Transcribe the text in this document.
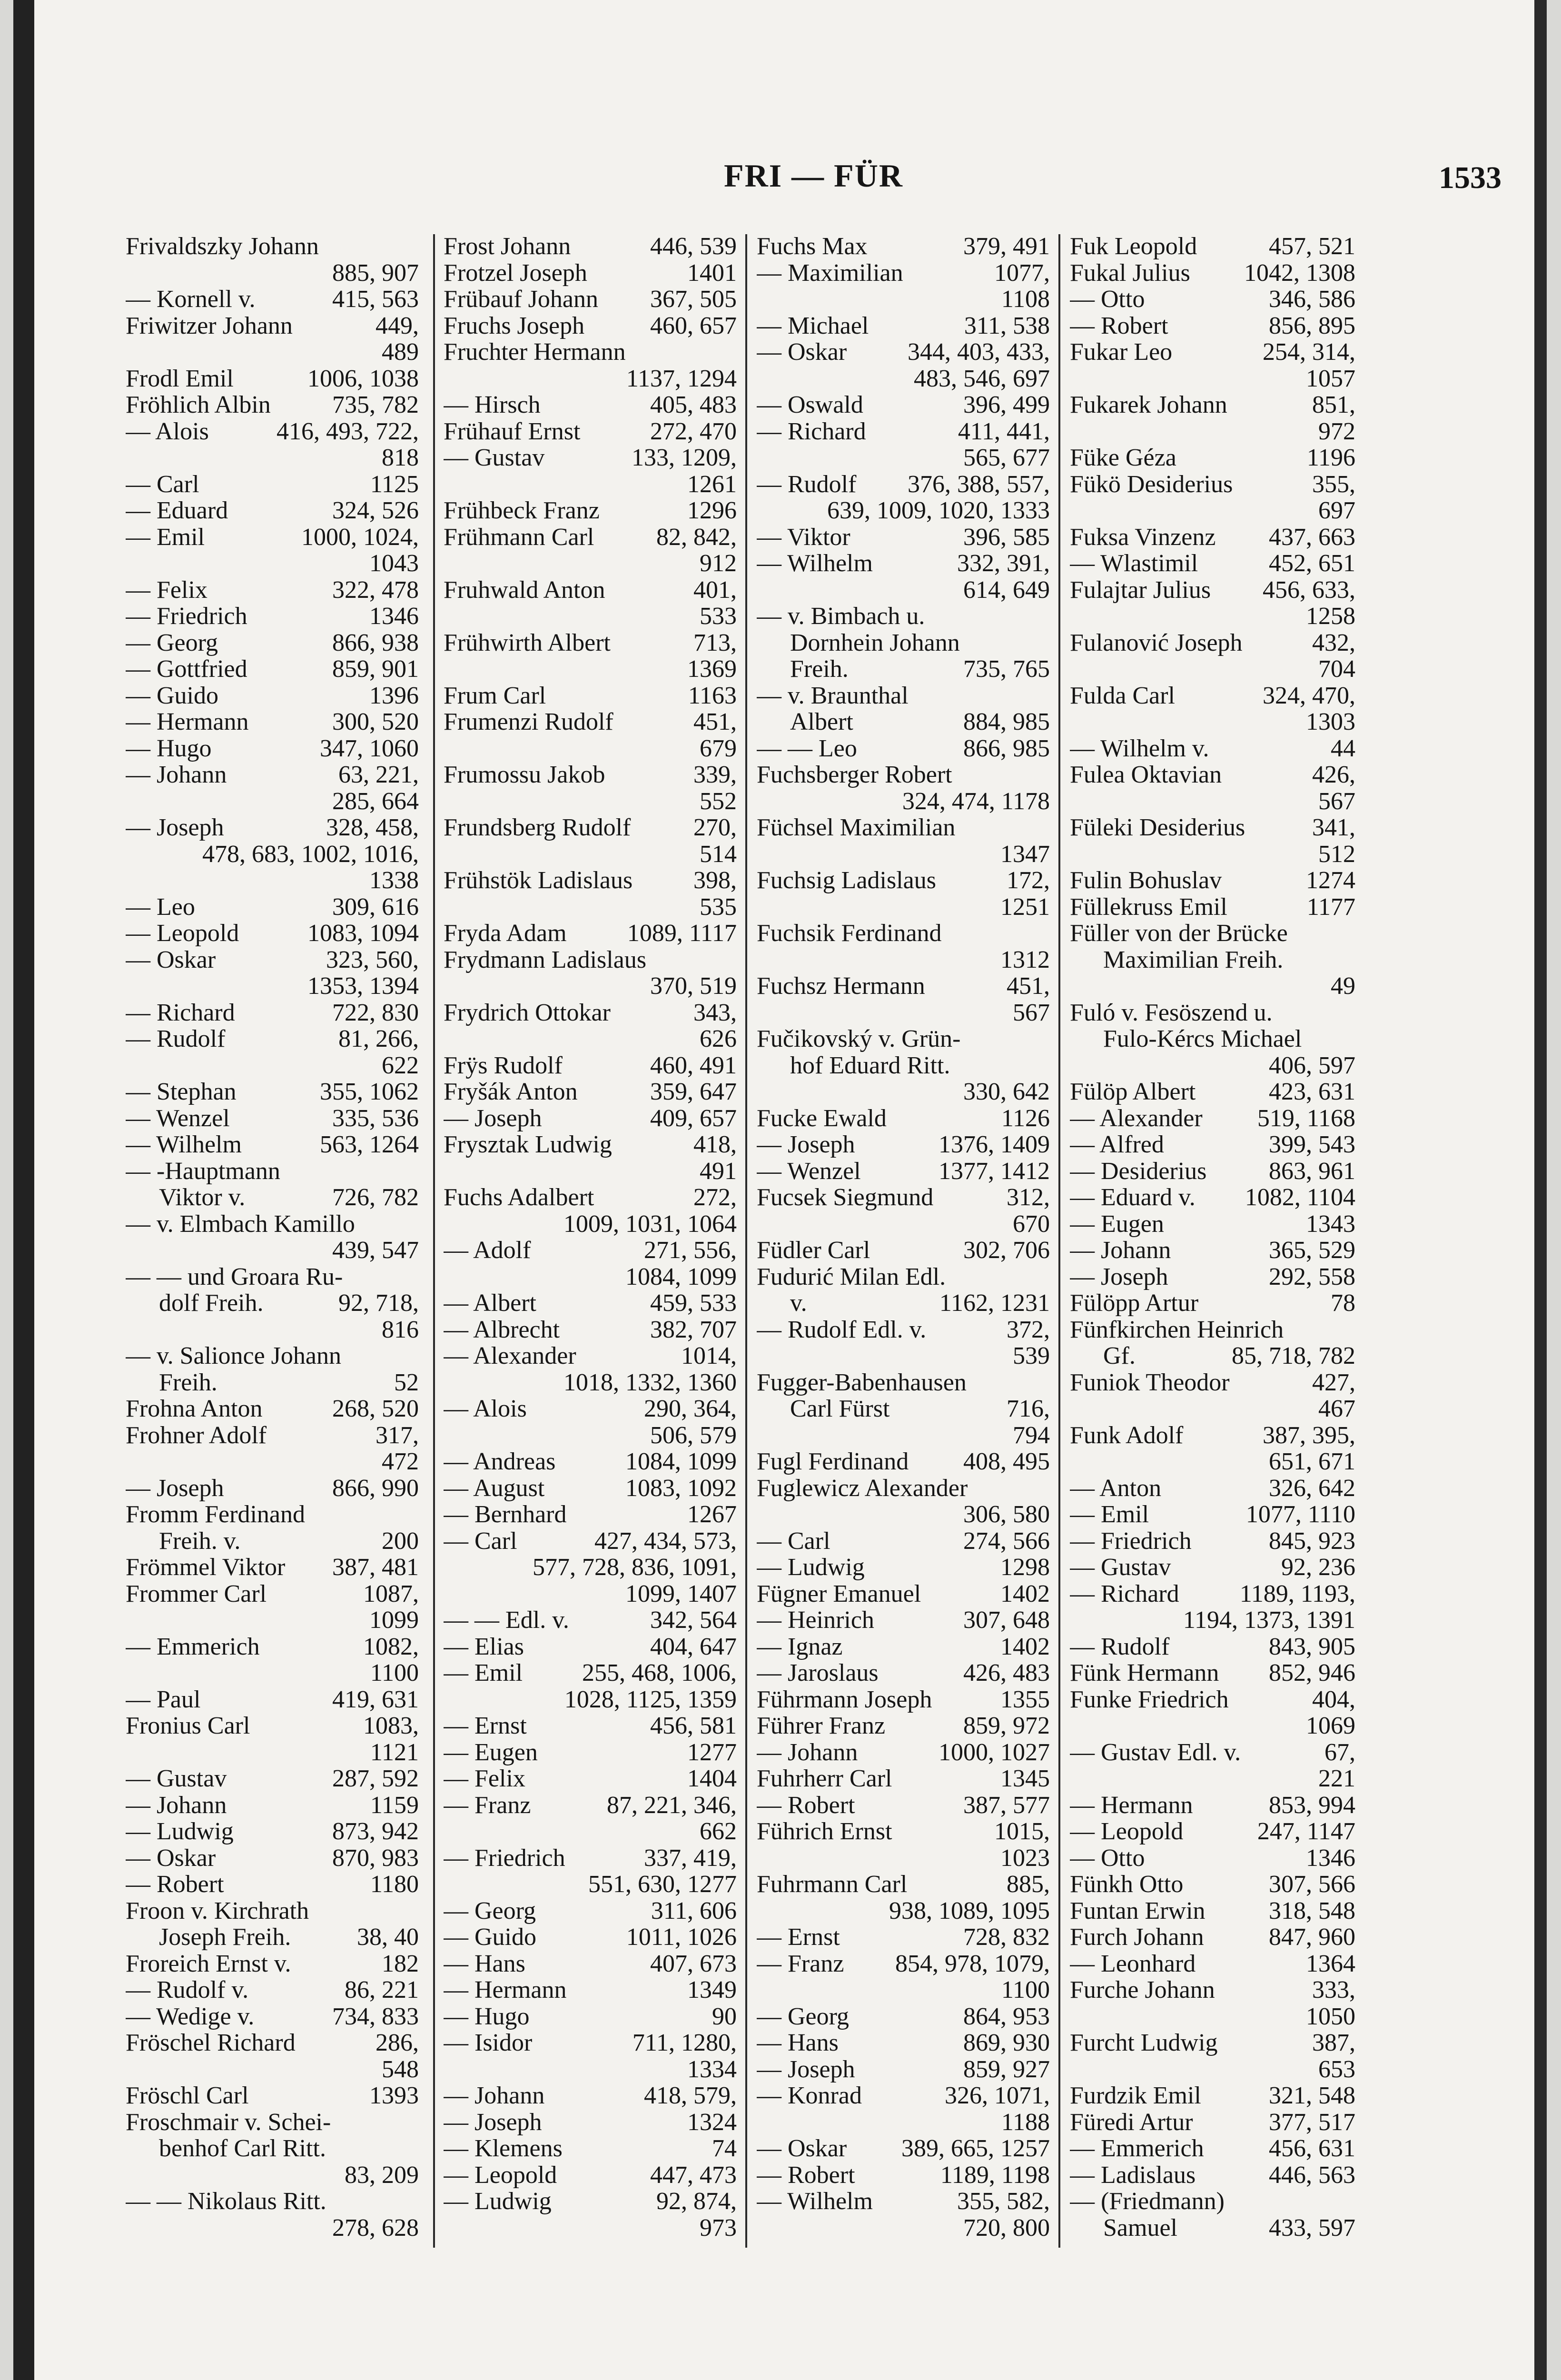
FRI — FÜR	1533
Frivaldszky Johann
885, 907
— Kornell v.	415, 563
Friwitzer Johann	449,
489
Frodl Emil	1006, 1038
Fröhlich Albin 735, 782
— Alois	416, 493, 722,
818
— Carl	1125
— Eduard	324, 526
— Emil	1000, 1024,
1043
— Felix	322, 478
— Friedrich	1346
— Georg	866, 938
— Gottfried	859, 901
— Guido	1396
— Hermann	300, 520
— Hugo	347, 1060
— Johann	63, 221,
285, 664
— Joseph	328, 458,
478, 683, 1002, 1016,
1338
— Leo	309, 616
— Leopold	1083, 1094
— Oskar	323, 560,
1353, 1394
— Richard	722, 830
— Rudolf	81, 266,
622
— Stephan	355, 1062
— Wenzel	335, 536
— Wilhelm	563, 1264
— -Hauptmann
Viktor v.	726, 782
— v. Elmbach Kamillo
439, 547
— — und Groara Ru-
dolf Freih.	92, 718,
816
— v. Salionce Johann
Freih.	52
Frohna Anton	268, 520
Frohner Adolf	317,
472
— Joseph	866, 990
Fromm Ferdinand
Freih. v.	200
Frömmel Viktor 387, 481
Frommer Carl	1087,
1099
— Emmerich	1082,
1100
— Paul	419, 631
Fronius Carl	1083,
1121
— Gustav	287, 592
— Johann	1159
— Ludwig	873, 942
— Oskar	870, 983
— Robert	1180
Froon v. Kirchrath
Joseph Freih.	38, 40
Froreich Ernst v.	182
— Rudolf v.	86, 221
— Wedige v.	734, 833
Fröschel Richard	286,
548
Fröschl Carl	1393
Froschmair v. Schei-
benhof Carl Ritt.
83, 209
— — Nikolaus Ritt.
278, 628
Frost Johann	446, 539
Frotzel Joseph	1401
Frübauf Johann 367, 505
Fruchs Joseph	460, 657
Fruchter Hermann
1137, 1294
— Hirsch	405, 483
Frühauf Ernst	272, 470
— Gustav	133, 1209,
1261
Frühbeck Franz	1296
Frühmann Carl	82, 842,
912
Fruhwald Anton	401,
533
Frühwirth Albert	713,
1369
Frum Carl	1163
Frumenzi Rudolf	451,
679
Frumossu Jakob	339,
552
Frundsberg Rudolf	270,
514
Frühstök Ladislaus 398,
535
Fryda Adam 1089, 1117
Frydmann Ladislaus
370, 519
Frydrich Ottokar	343,
626
Frÿs Rudolf	460, 491
Fryšák Anton	359, 647
— Joseph	409, 657
Frysztak Ludwig	418,
491
Fuchs Adalbert	272,
1009, 1031, 1064
— Adolf	271, 556,
1084, 1099
— Albert	459, 533
— Albrecht	382, 707
— Alexander	1014,
1018, 1332, 1360
— Alois	290, 364,
506, 579
— Andreas	1084, 1099
— August	1083, 1092
— Bernhard	1267
— Carl	427, 434, 573,
577, 728, 836, 1091,
1099, 1407
— — Edl. v.	342, 564
— Elias	404, 647
— Emil 255, 468, 1006,
1028, 1125, 1359
— Ernst	456, 581
— Eugen	1277
— Felix	1404
— Franz	87, 221, 346,
662
— Friedrich	337, 419,
551, 630, 1277
— Georg	311, 606
— Guido	1011, 1026
— Hans	407, 673
— Hermann	1349
— Hugo	90
— Isidor	711, 1280,
1334
— Johann	418, 579,
— Joseph	1324
— Klemens	74
— Leopold	447, 473
— Ludwig	92, 874,
973
Fuchs Max	379, 491
— Maximilian	1077,
1108
— Michael	311, 538
— Oskar 344, 403, 433,
483, 546, 697
— Oswald	396, 499
— Richard	411, 441,
565, 677
— Rudolf 376, 388, 557,
639, 1009, 1020, 1333
— Viktor	396, 585
— Wilhelm	332, 391,
614, 649
— v. Bimbach u.
Dornhein Johann
Freih.	735, 765
— v. Braunthal
Albert	884, 985
— — Leo	866, 985
Fuchsberger Robert
324, 474, 1178
Füchsel Maximilian
1347
Fuchsig Ladislaus	172,
1251
Fuchsik Ferdinand
1312
Fuchsz Hermann	451,
567
Fučikovský v. Grün-
hof Eduard Ritt.
330, 642
Fucke Ewald	1126
— Joseph	1376, 1409
— Wenzel	1377, 1412
Fucsek Siegmund	312,
670
Füdler Carl	302, 706
Fudurić Milan Edl.
v.	1162, 1231
— Rudolf Edl. v.	372,
539
Fugger-Babenhausen
Carl Fürst	716,
794
Fugl Ferdinand 408, 495
Fuglewicz Alexander
306, 580
— Carl	274, 566
— Ludwig	1298
Fügner Emanuel	1402
— Heinrich	307, 648
— Ignaz	1402
— Jaroslaus	426, 483
Führmann Joseph	1355
Führer Franz	859, 972
— Johann	1000, 1027
Fuhrherr Carl	1345
— Robert	387, 577
Führich Ernst	1015,
1023
Fuhrmann Carl	885,
938, 1089, 1095
— Ernst	728, 832
— Franz 854, 978, 1079,
1100
— Georg	864, 953
— Hans	869, 930
— Joseph	859, 927
— Konrad	326, 1071,
1188
— Oskar 389, 665, 1257
— Robert	1189, 1198
— Wilhelm	355, 582,
720, 800
Fuk Leopold	457, 521
Fukal Julius 1042, 1308
— Otto	346, 586
— Robert	856, 895
Fukar Leo	254, 314,
1057
Fukarek Johann	851,
972
Füke Géza	1196
Fükö Desiderius	355,
697
Fuksa Vinzenz 437, 663
— Wlastimil	452, 651
Fulajtar Julius 456, 633,
1258
Fulanović Joseph	432,
704
Fulda Carl	324, 470,
1303
— Wilhelm v.	44
Fulea Oktavian	426,
567
Füleki Desiderius	341,
512
Fulin Bohuslav	1274
Füllekruss Emil	1177
Füller von der Brücke
Maximilian Freih.
49
Fuló v. Fesöszend u.
Fulo-Kércs Michael
406, 597
Fülöp Albert	423, 631
— Alexander 519, 1168
— Alfred	399, 543
— Desiderius	863, 961
— Eduard v. 1082, 1104
— Eugen	1343
— Johann	365, 529
— Joseph	292, 558
Fülöpp Artur	78
Fünfkirchen Heinrich
Gf.	85, 718, 782
Funiok Theodor	427,
467
Funk Adolf	387, 395,
651, 671
— Anton	326, 642
— Emil	1077, 1110
— Friedrich	845, 923
— Gustav	92, 236
— Richard 1189, 1193,
1194, 1373, 1391
— Rudolf	843, 905
Fünk Hermann 852, 946
Funke Friedrich	404,
1069
— Gustav Edl. v.	67,
221
— Hermann	853, 994
— Leopold	247, 1147
— Otto	1346
Fünkh Otto	307, 566
Funtan Erwin	318, 548
Furch Johann	847, 960
— Leonhard	1364
Furche Johann	333,
1050
Furcht Ludwig	387,
653
Furdzik Emil	321, 548
Füredi Artur	377, 517
— Emmerich	456, 631
— Ladislaus	446, 563
— (Friedmann)
Samuel	433, 597
